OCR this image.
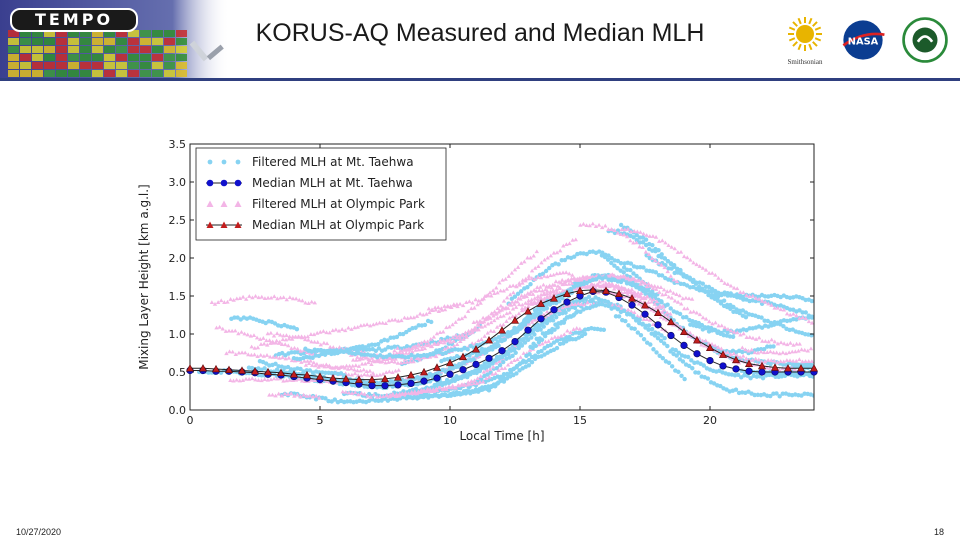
TEMPO	KORUS-AQ Measured and Median MLH
Smithsonian
NASA
0	5	10	15	20
0.0
0.5
1.0
1.5
2.0
2.5
3.0
3.5
Filtered MLH at Mt. Taehwa
Median MLH at Mt. Taehwa
Filtered MLH at Olympic Park
Median MLH at Olympic Park
Local Time [h]
Mixing Layer Height [km a.g.l.]
10/27/2020	18
